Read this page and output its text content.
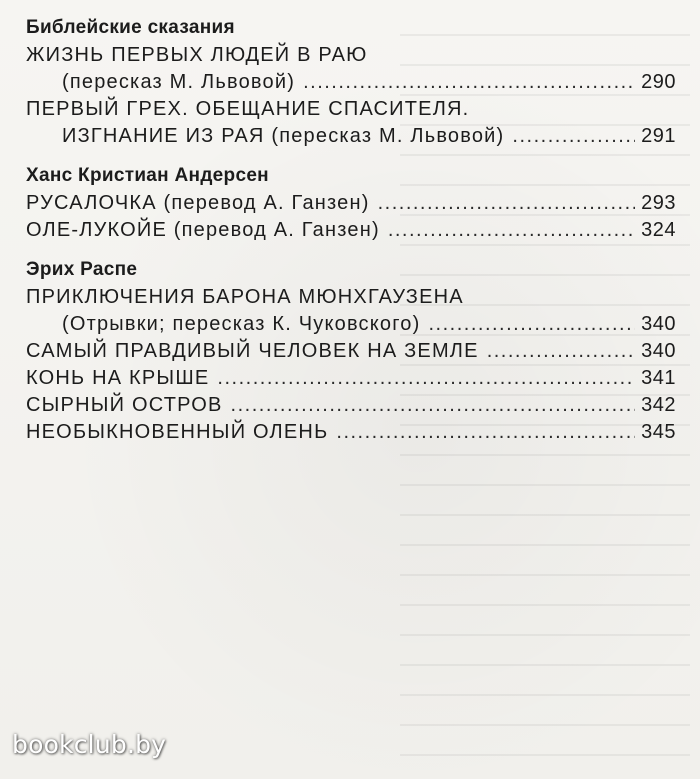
Библейские сказания
ЖИЗНЬ ПЕРВЫХ ЛЮДЕЙ В РАЮ
(пересказ М. Львовой) .....	290
ПЕРВЫЙ ГРЕХ. ОБЕЩАНИЕ СПАСИТЕЛЯ.
ИЗГНАНИЕ ИЗ РАЯ (пересказ М. Львовой) .....	291
Ханс Кристиан Андерсен
РУСАЛОЧКА (перевод А. Ганзен) .....	293
ОЛЕ-ЛУКОЙЕ (перевод А. Ганзен) .....	324
Эрих Распе
ПРИКЛЮЧЕНИЯ БАРОНА МЮНХГАУЗЕНА
(Отрывки; пересказ К. Чуковского) .....	340
САМЫЙ ПРАВДИВЫЙ ЧЕЛОВЕК НА ЗЕМЛЕ .....	340
КОНЬ НА КРЫШЕ .....	341
СЫРНЫЙ ОСТРОВ .....	342
НЕОБЫКНОВЕННЫЙ ОЛЕНЬ .....	345
bookclub.by
